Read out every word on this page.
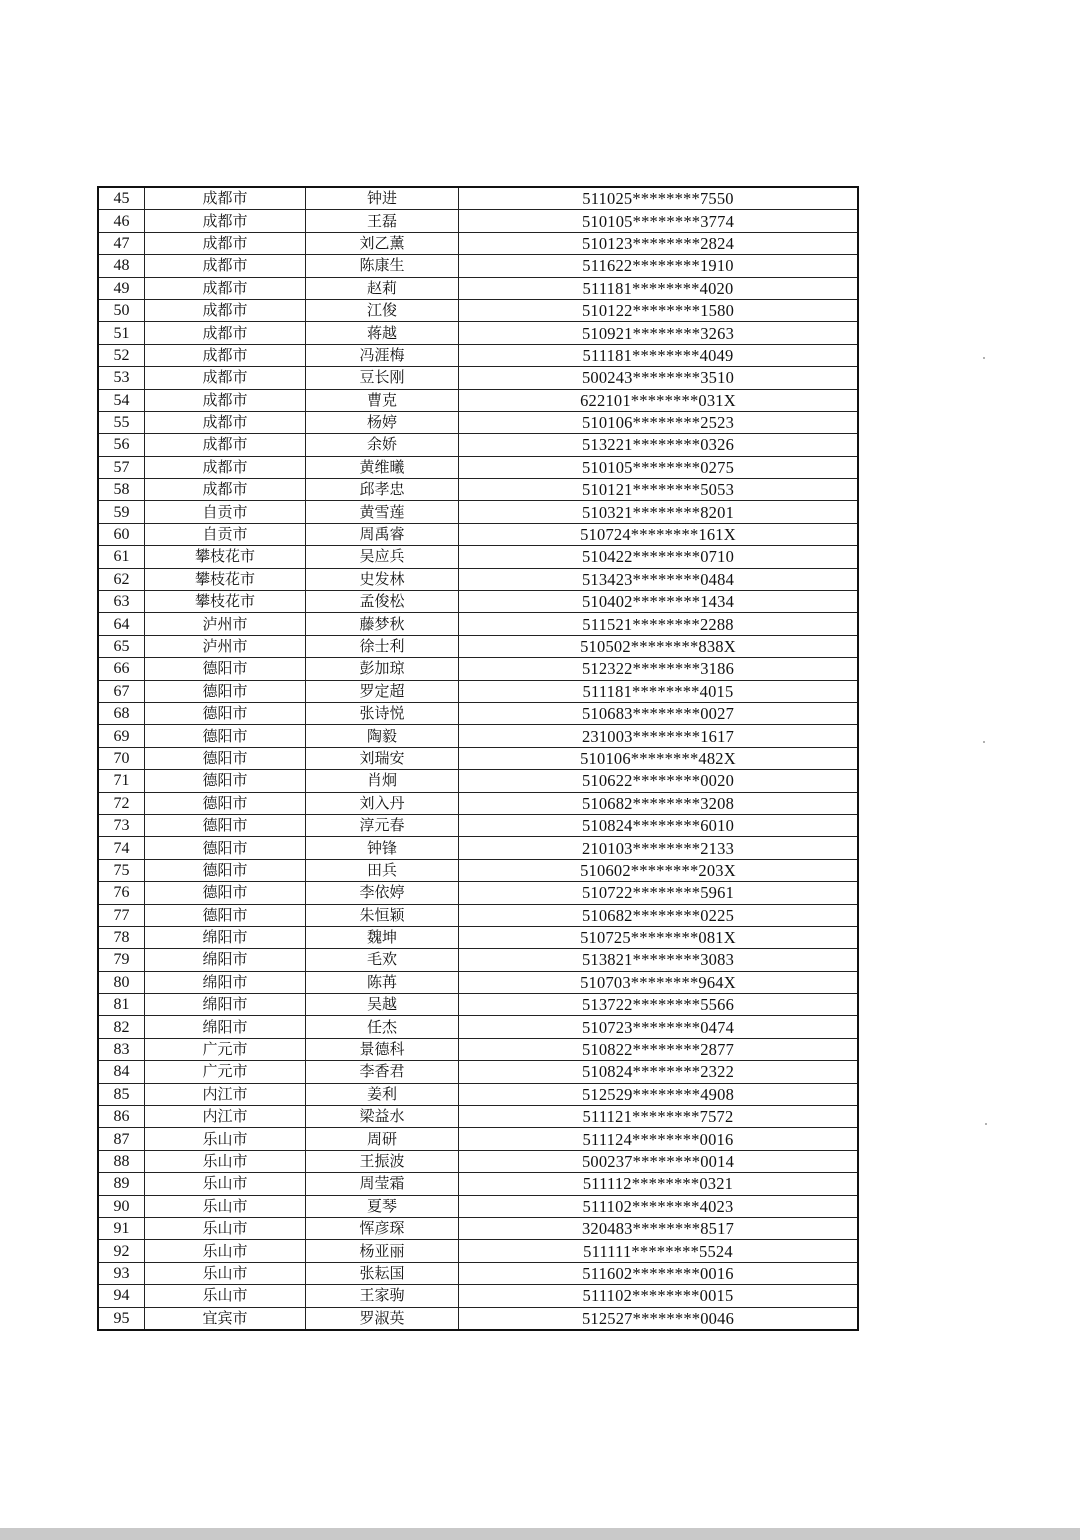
45	成都市	钟进	511025********7550
46	成都市	王磊	510105********3774
47	成都市	刘乙薰	510123********2824
48	成都市	陈康生	511622********1910
49	成都市	赵莉	511181********4020
50	成都市	江俊	510122********1580
51	成都市	蒋越	510921********3263
52	成都市	冯涯梅	511181********4049
53	成都市	豆长刚	500243********3510
54	成都市	曹克	622101********031X
55	成都市	杨婷	510106********2523
56	成都市	余娇	513221********0326
57	成都市	黄维曦	510105********0275
58	成都市	邱孝忠	510121********5053
59	自贡市	黄雪莲	510321********8201
60	自贡市	周禹睿	510724********161X
61	攀枝花市	吴应兵	510422********0710
62	攀枝花市	史发林	513423********0484
63	攀枝花市	孟俊松	510402********1434
64	泸州市	藤梦秋	511521********2288
65	泸州市	徐士利	510502********838X
66	德阳市	彭加琼	512322********3186
67	德阳市	罗定超	511181********4015
68	德阳市	张诗悦	510683********0027
69	德阳市	陶毅	231003********1617
70	德阳市	刘瑞安	510106********482X
71	德阳市	肖炯	510622********0020
72	德阳市	刘入丹	510682********3208
73	德阳市	淳元春	510824********6010
74	德阳市	钟锋	210103********2133
75	德阳市	田兵	510602********203X
76	德阳市	李依婷	510722********5961
77	德阳市	朱恒颖	510682********0225
78	绵阳市	魏坤	510725********081X
79	绵阳市	毛欢	513821********3083
80	绵阳市	陈苒	510703********964X
81	绵阳市	吴越	513722********5566
82	绵阳市	任杰	510723********0474
83	广元市	景德科	510822********2877
84	广元市	李香君	510824********2322
85	内江市	姜利	512529********4908
86	内江市	梁益水	511121********7572
87	乐山市	周研	511124********0016
88	乐山市	王振波	500237********0014
89	乐山市	周莹霜	511112********0321
90	乐山市	夏琴	511102********4023
91	乐山市	恽彦琛	320483********8517
92	乐山市	杨亚丽	511111********5524
93	乐山市	张耘国	511602********0016
94	乐山市	王家驹	511102********0015
95	宜宾市	罗淑英	512527********0046
